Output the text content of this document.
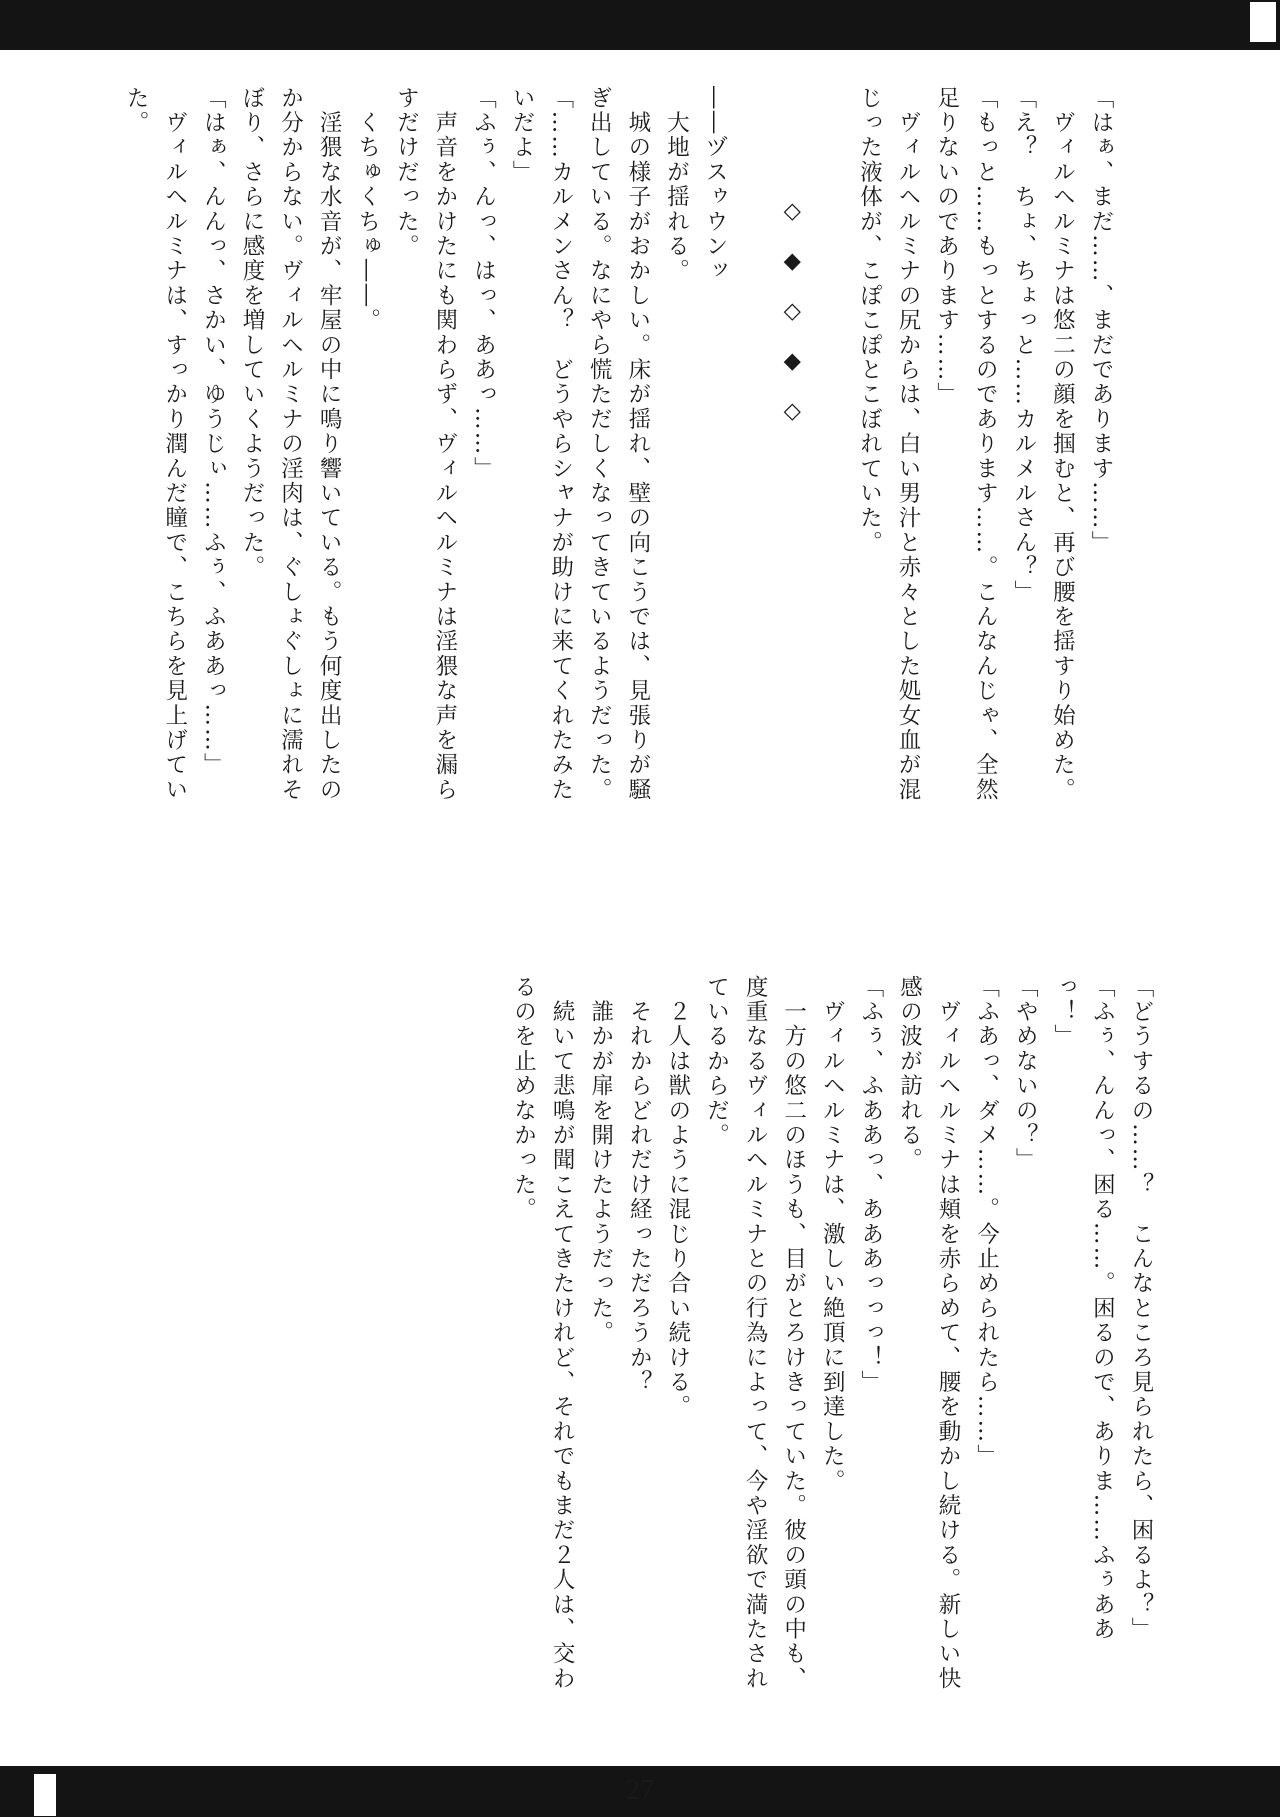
「はぁ、まだ……、まだであります……」

　ヴィルヘルミナは悠二の顔を掴むと、再び腰を揺すり始めた。

「え？　ちょ、ちょっと……カルメルさん？」

「もっと……もっとするのであります……。こんなんじゃ、全然

足りないのであります……」

　ヴィルヘルミナの尻からは、白い男汁と赤々とした処女血が混

じった液体が、こぽこぽとこぼれていた。

◇◆◇◆◇

――ヅスゥウンッ

　大地が揺れる。

　城の様子がおかしい。床が揺れ、壁の向こうでは、見張りが騒

ぎ出している。なにやら慌ただしくなってきているようだった。

「……カルメンさん？　どうやらシャナが助けに来てくれたみた

いだよ」

「ふぅ、んっ、はっ、ああっ……」

　声音をかけたにも関わらず、ヴィルヘルミナは淫猥な声を漏ら

すだけだった。

　くちゅくちゅ――。

　淫猥な水音が、牢屋の中に鳴り響いている。もう何度出したの

か分からない。ヴィルヘルミナの淫肉は、ぐしょぐしょに濡れそ

ぼり、さらに感度を増していくようだった。

「はぁ、んんっ、さかい、ゆうじぃ……ふぅ、ふああっ……」

　ヴィルヘルミナは、すっかり潤んだ瞳で、こちらを見上げてい

た。

「どうするの……？　こんなところ見られたら、困るよ？」

「ふぅ、んんっ、困る……。困るので、ありま……ふぅああ

っ！」

「やめないの？」

「ふあっ、ダメ……。今止められたら……」

　ヴィルヘルミナは頬を赤らめて、腰を動かし続ける。新しい快

感の波が訪れる。

「ふぅ、ふああっ、あああっっっ！」

　ヴィルヘルミナは、激しい絶頂に到達した。

　一方の悠二のほうも、目がとろけきっていた。彼の頭の中も、

度重なるヴィルヘルミナとの行為によって、今や淫欲で満たされ

ているからだ。

　２人は獣のように混じり合い続ける。

　それからどれだけ経っただろうか？

　誰かが扉を開けたようだった。

　続いて悲鳴が聞こえてきたけれど、それでもまだ２人は、交わ

るのを止めなかった。

27
